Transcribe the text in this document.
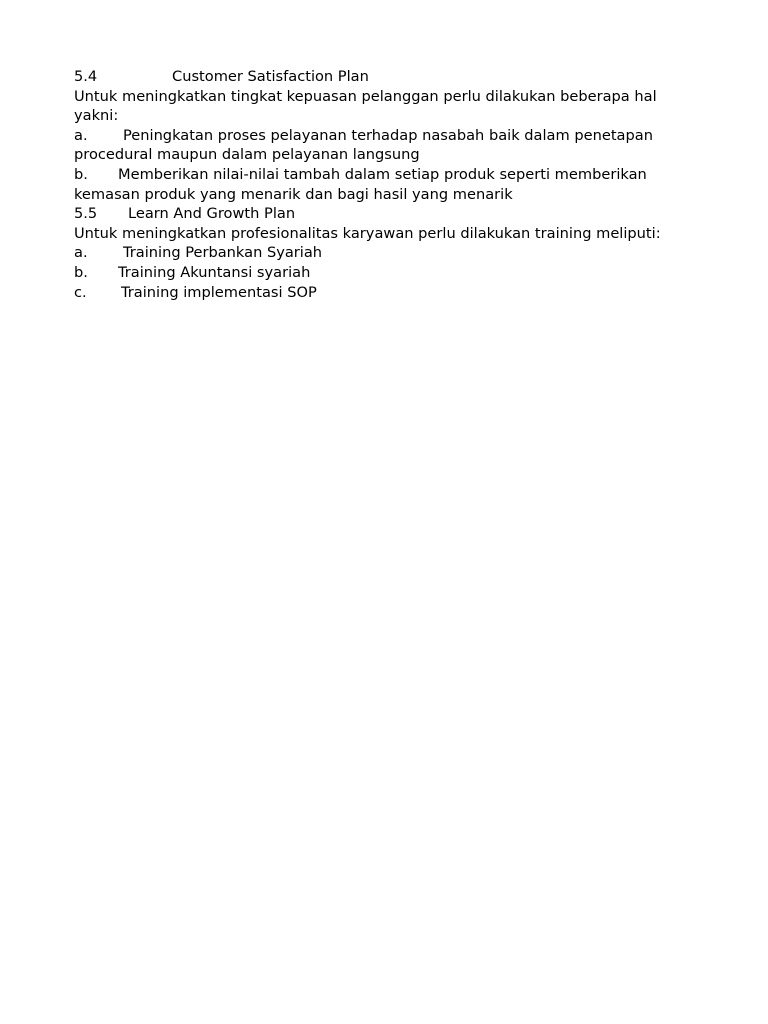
5.4	Customer Satisfaction Plan
Untuk meningkatkan tingkat kepuasan pelanggan perlu dilakukan beberapa hal yakni:
a. Peningkatan proses pelayanan terhadap nasabah baik dalam penetapan procedural maupun dalam pelayanan langsung
b. Memberikan nilai-nilai tambah dalam setiap produk seperti memberikan kemasan produk yang menarik dan bagi hasil yang menarik
5.5 Learn And Growth Plan
Untuk meningkatkan profesionalitas karyawan perlu dilakukan training meliputi:
a. Training Perbankan Syariah
b. Training Akuntansi syariah
c. Training implementasi SOP
